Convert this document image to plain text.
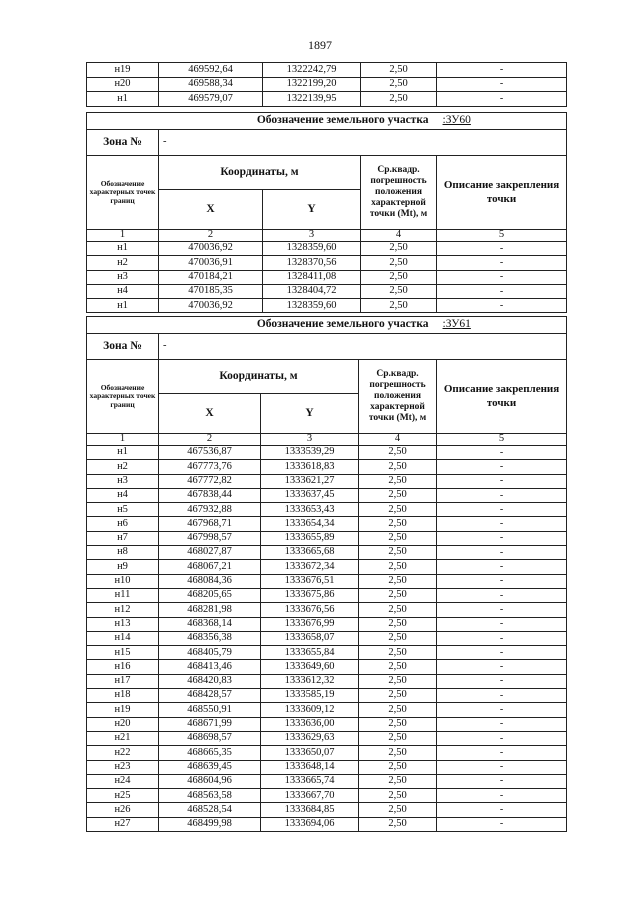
1897
н19	469592,64	1322242,79	2,50	-
н20	469588,34	1322199,20	2,50	-
н1	469579,07	1322139,95	2,50	-
Обозначение земельного участка				:ЗУ60
Зона №	-			
Обозначение характерных точек границ	Координаты, м		Ср.квадр. погрешность положения характерной точки (Mt), м	Описание закрепления точки
	X	Y		
1	2	3	4	5
н1	470036,92	1328359,60	2,50	-
н2	470036,91	1328370,56	2,50	-
н3	470184,21	1328411,08	2,50	-
н4	470185,35	1328404,72	2,50	-
н1	470036,92	1328359,60	2,50	-
Обозначение земельного участка				:ЗУ61
Зона №	-			
Обозначение характерных точек границ	Координаты, м		Ср.квадр. погрешность положения характерной точки (Mt), м	Описание закрепления точки
	X	Y		
1	2	3	4	5
н1	467536,87	1333539,29	2,50	-
н2	467773,76	1333618,83	2,50	-
н3	467772,82	1333621,27	2,50	-
н4	467838,44	1333637,45	2,50	-
н5	467932,88	1333653,43	2,50	-
н6	467968,71	1333654,34	2,50	-
н7	467998,57	1333655,89	2,50	-
н8	468027,87	1333665,68	2,50	-
н9	468067,21	1333672,34	2,50	-
н10	468084,36	1333676,51	2,50	-
н11	468205,65	1333675,86	2,50	-
н12	468281,98	1333676,56	2,50	-
н13	468368,14	1333676,99	2,50	-
н14	468356,38	1333658,07	2,50	-
н15	468405,79	1333655,84	2,50	-
н16	468413,46	1333649,60	2,50	-
н17	468420,83	1333612,32	2,50	-
н18	468428,57	1333585,19	2,50	-
н19	468550,91	1333609,12	2,50	-
н20	468671,99	1333636,00	2,50	-
н21	468698,57	1333629,63	2,50	-
н22	468665,35	1333650,07	2,50	-
н23	468639,45	1333648,14	2,50	-
н24	468604,96	1333665,74	2,50	-
н25	468563,58	1333667,70	2,50	-
н26	468528,54	1333684,85	2,50	-
н27	468499,98	1333694,06	2,50	-
